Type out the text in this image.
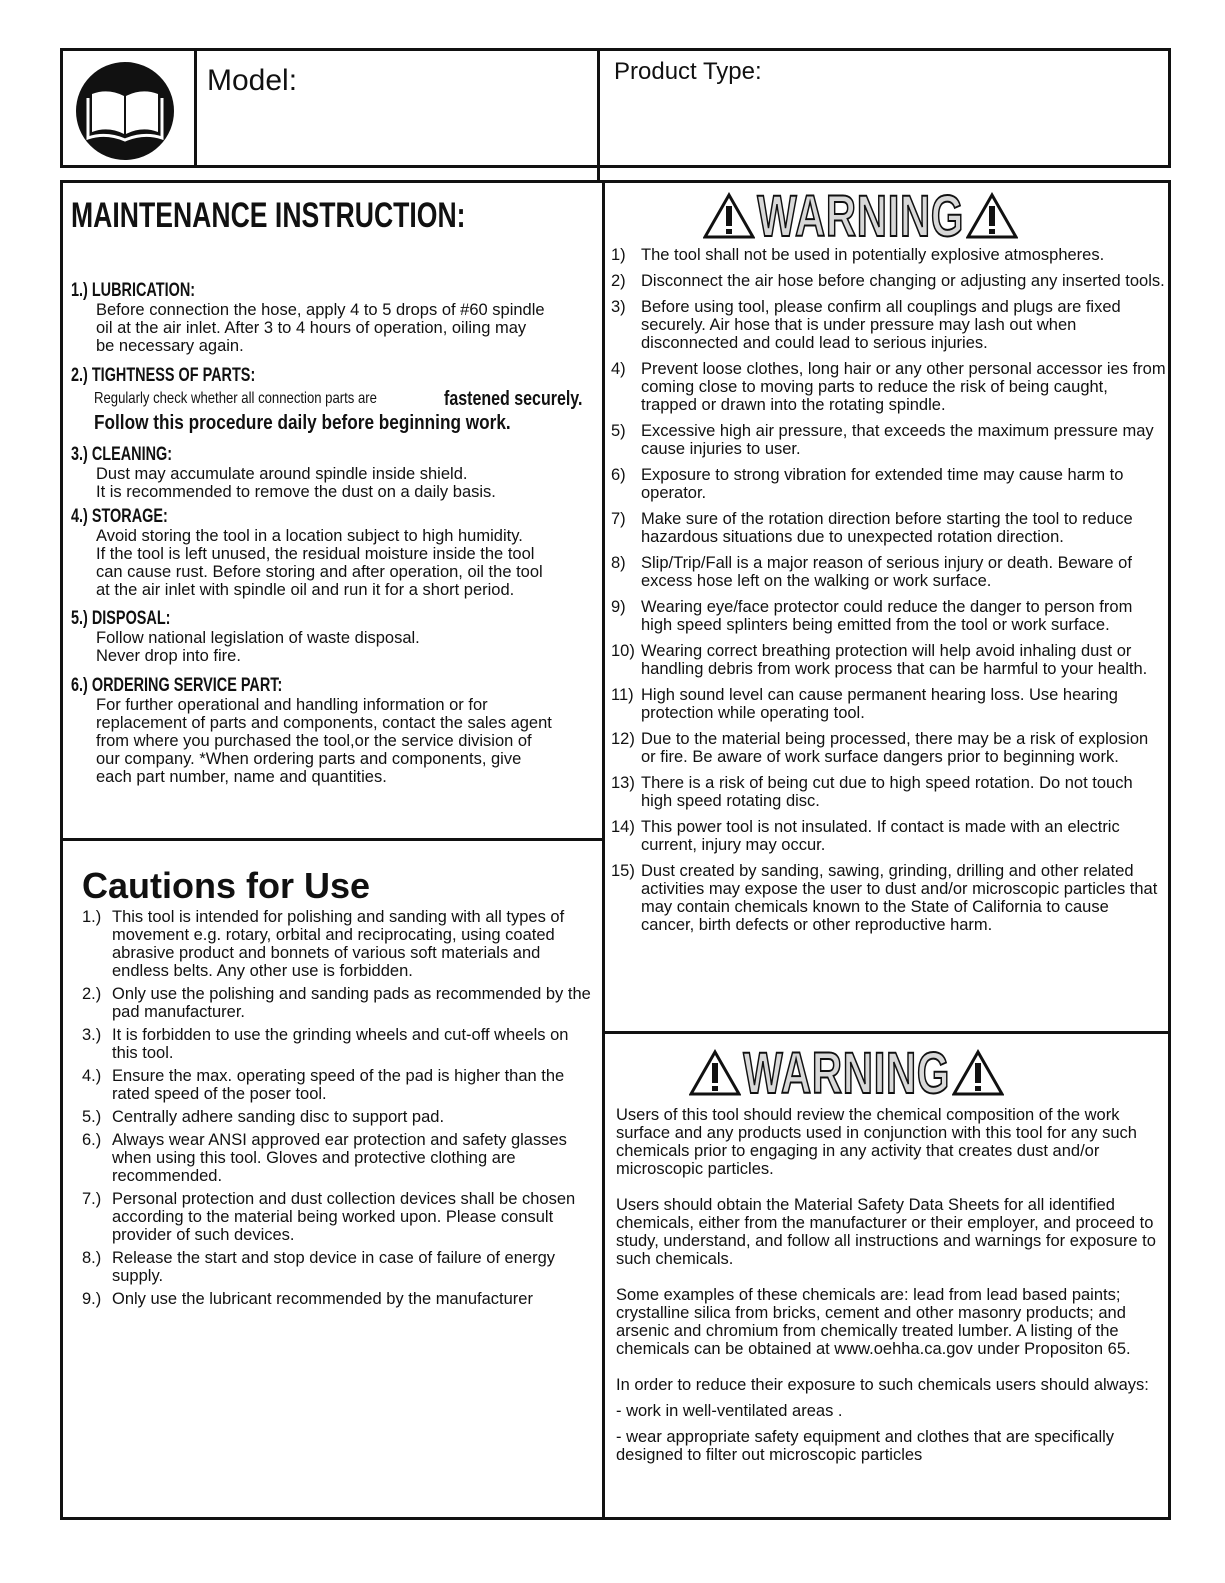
Model:	Product Type:
MAINTENANCE INSTRUCTION:
1.) LUBRICATION:
Before connection the hose, apply 4 to 5 drops of #60 spindle
oil at the air inlet. After 3 to 4 hours of operation, oiling may
be necessary again.
2.) TIGHTNESS OF PARTS:
Regularly check whether all connection parts are	fastened securely.
Follow this procedure daily before beginning work.
3.) CLEANING:
Dust may accumulate around spindle inside shield.
It is recommended to remove the dust on a daily basis.
4.) STORAGE:
Avoid storing the tool in a location subject to high humidity.
If the tool is left unused, the residual moisture inside the tool
can cause rust. Before storing and after operation, oil the tool
at the air inlet with spindle oil and run it for a short period.
5.) DISPOSAL:
Follow national legislation of waste disposal.
Never drop into fire.
6.) ORDERING SERVICE PART:
For further operational and handling information or for
replacement of parts and components, contact the sales agent
from where you purchased the tool,or the service division of
our company. *When ordering parts and components, give
each part number, name and quantities.
Cautions for Use
1.) This tool is intended for polishing and sanding with all types of movement e.g. rotary, orbital and reciprocating, using coated abrasive product and bonnets of various soft materials and endless belts. Any other use is forbidden.
2.) Only use the polishing and sanding pads as recommended by the pad manufacturer.
3.) It is forbidden to use the grinding wheels and cut-off wheels on this tool.
4.) Ensure the max. operating speed of the pad is higher than the rated speed of the poser tool.
5.) Centrally adhere sanding disc to support pad.
6.) Always wear ANSI approved ear protection and safety glasses when using this tool. Gloves and protective clothing are recommended.
7.) Personal protection and dust collection devices shall be chosen according to the material being worked upon. Please consult provider of such devices.
8.) Release the start and stop device in case of failure of energy supply.
9.) Only use the lubricant recommended by the manufacturer
WARNING
1) The tool shall not be used in potentially explosive atmospheres.
2) Disconnect the air hose before changing or adjusting any inserted tools.
3) Before using tool, please confirm all couplings and plugs are fixed securely. Air hose that is under pressure may lash out when disconnected and could lead to serious injuries.
4) Prevent loose clothes, long hair or any other personal accessor ies from coming close to moving parts to reduce the risk of being caught, trapped or drawn into the rotating spindle.
5) Excessive high air pressure, that exceeds the maximum pressure may cause injuries to user.
6) Exposure to strong vibration for extended time may cause harm to operator.
7) Make sure of the rotation direction before starting the tool to reduce hazardous situations due to unexpected rotation direction.
8) Slip/Trip/Fall is a major reason of serious injury or death. Beware of excess hose left on the walking or work surface.
9) Wearing eye/face protector could reduce the danger to person from high speed splinters being emitted from the tool or work surface.
10) Wearing correct breathing protection will help avoid inhaling dust or handling debris from work process that can be harmful to your health.
11) High sound level can cause permanent hearing loss. Use hearing protection while operating tool.
12) Due to the material being processed, there may be a risk of explosion or fire. Be aware of work surface dangers prior to beginning work.
13) There is a risk of being cut due to high speed rotation. Do not touch high speed rotating disc.
14) This power tool is not insulated. If contact is made with an electric current, injury may occur.
15) Dust created by sanding, sawing, grinding, drilling and other related activities may expose the user to dust and/or microscopic particles that may contain chemicals known to the State of California to cause cancer, birth defects or other reproductive harm.
WARNING

Users of this tool should review the chemical composition of the work surface and any products used in conjunction with this tool for any such chemicals prior to engaging in any activity that creates dust and/or microscopic particles.

Users should obtain the Material Safety Data Sheets for all identified chemicals, either from the manufacturer or their employer, and proceed to study, understand, and follow all instructions and warnings for exposure to such chemicals.

Some examples of these chemicals are: lead from lead based paints; crystalline silica from bricks, cement and other masonry products; and arsenic and chromium from chemically treated lumber. A listing of the chemicals can be obtained at www.oehha.ca.gov under Propositon 65.

In order to reduce their exposure to such chemicals users should always:

- work in well-ventilated areas .

- wear appropriate safety equipment and clothes that are specifically designed to filter out microscopic particles
